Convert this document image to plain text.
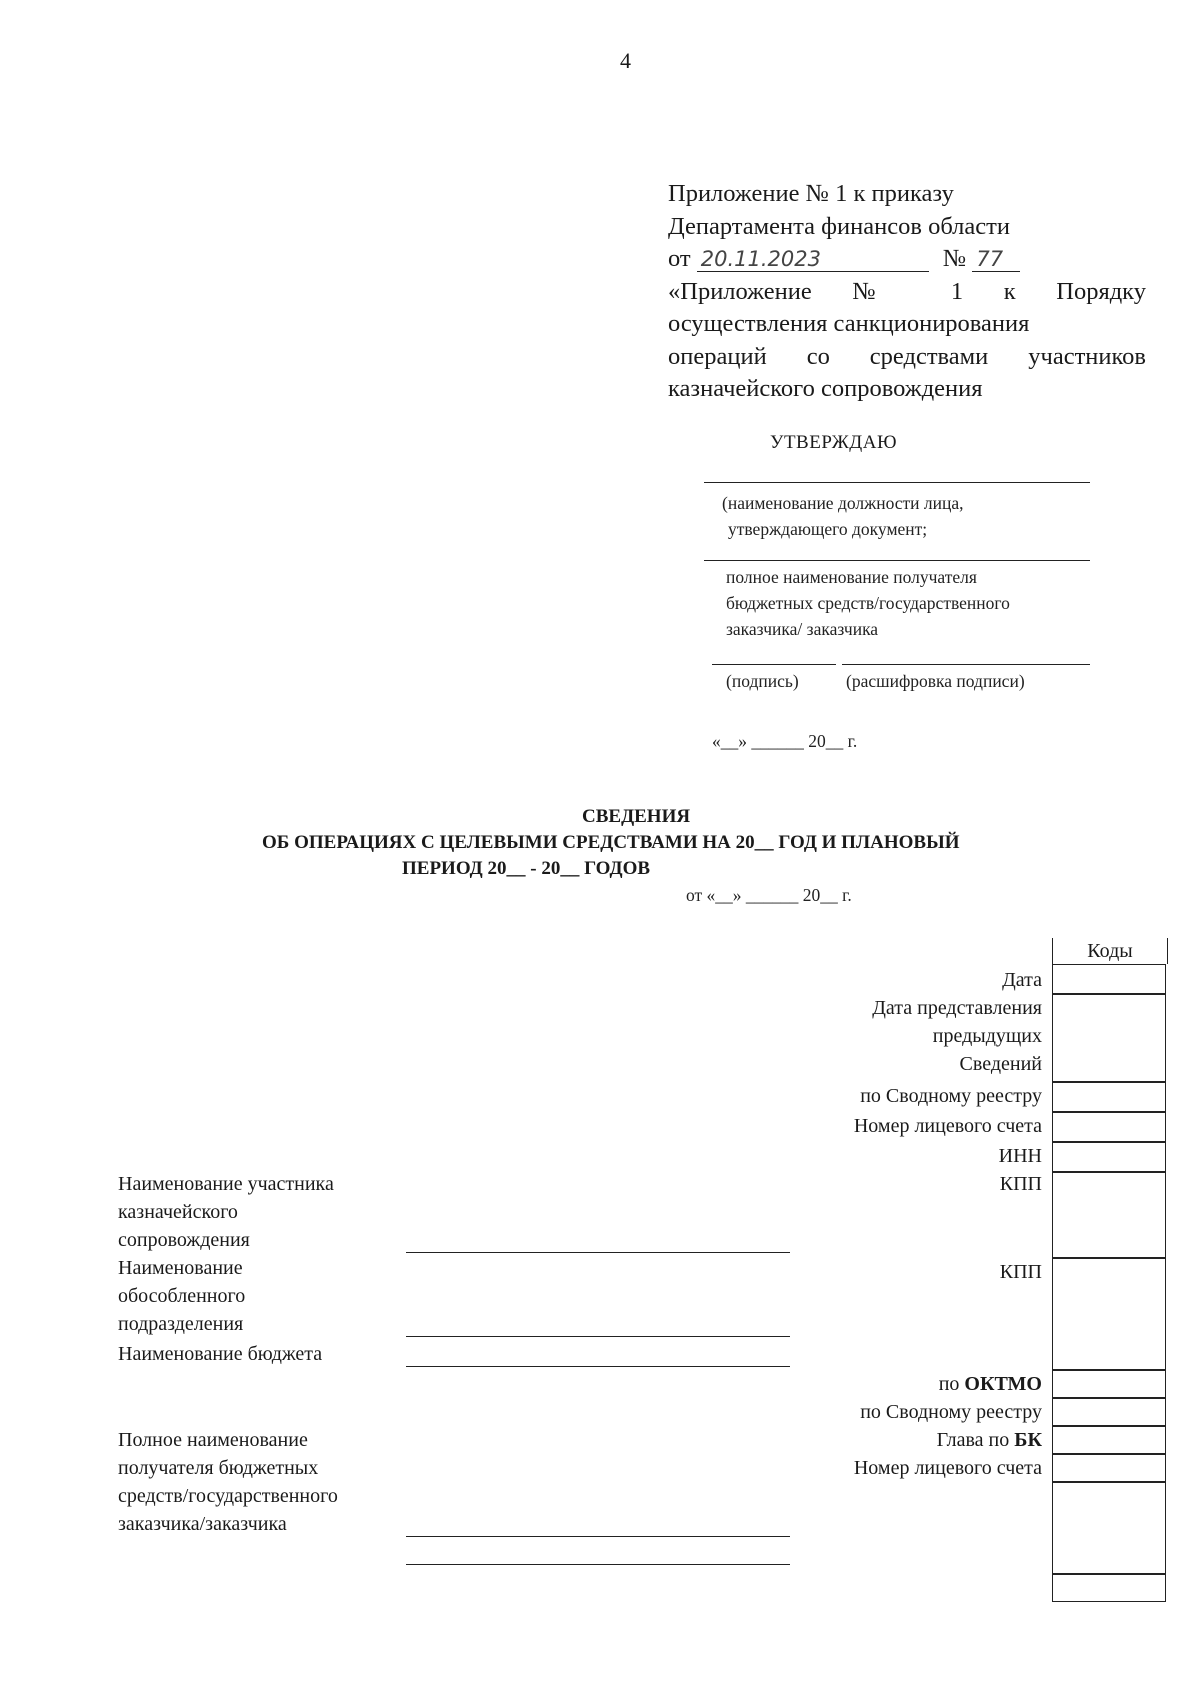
4
Приложение № 1 к приказу
Департамента финансов области
от 20.11.2023	№ 77
«Приложение № 1 к Порядку
осуществления санкционирования
операций со средствами участников
казначейского сопровождения
УТВЕРЖДАЮ
(наименование должности лица,
утверждающего документ;
полное наименование получателя
бюджетных средств/государственного
заказчика/ заказчика
(подпись)	(расшифровка подписи)
«__» ______ 20__ г.
СВЕДЕНИЯ
ОБ ОПЕРАЦИЯХ С ЦЕЛЕВЫМИ СРЕДСТВАМИ НА 20__ ГОД И ПЛАНОВЫЙ
ПЕРИОД 20__ - 20__ ГОДОВ
от «__» ______ 20__ г.
Коды
Дата
Дата представления
предыдущих
Сведений
по Сводному реестру
Номер лицевого счета
ИНН
КПП
КПП
по ОКТМО
по Сводному реестру
Глава по БК
Номер лицевого счета
Наименование участника
казначейского
сопровождения
Наименование
обособленного
подразделения
Наименование бюджета
Полное наименование
получателя бюджетных
средств/государственного
заказчика/заказчика
